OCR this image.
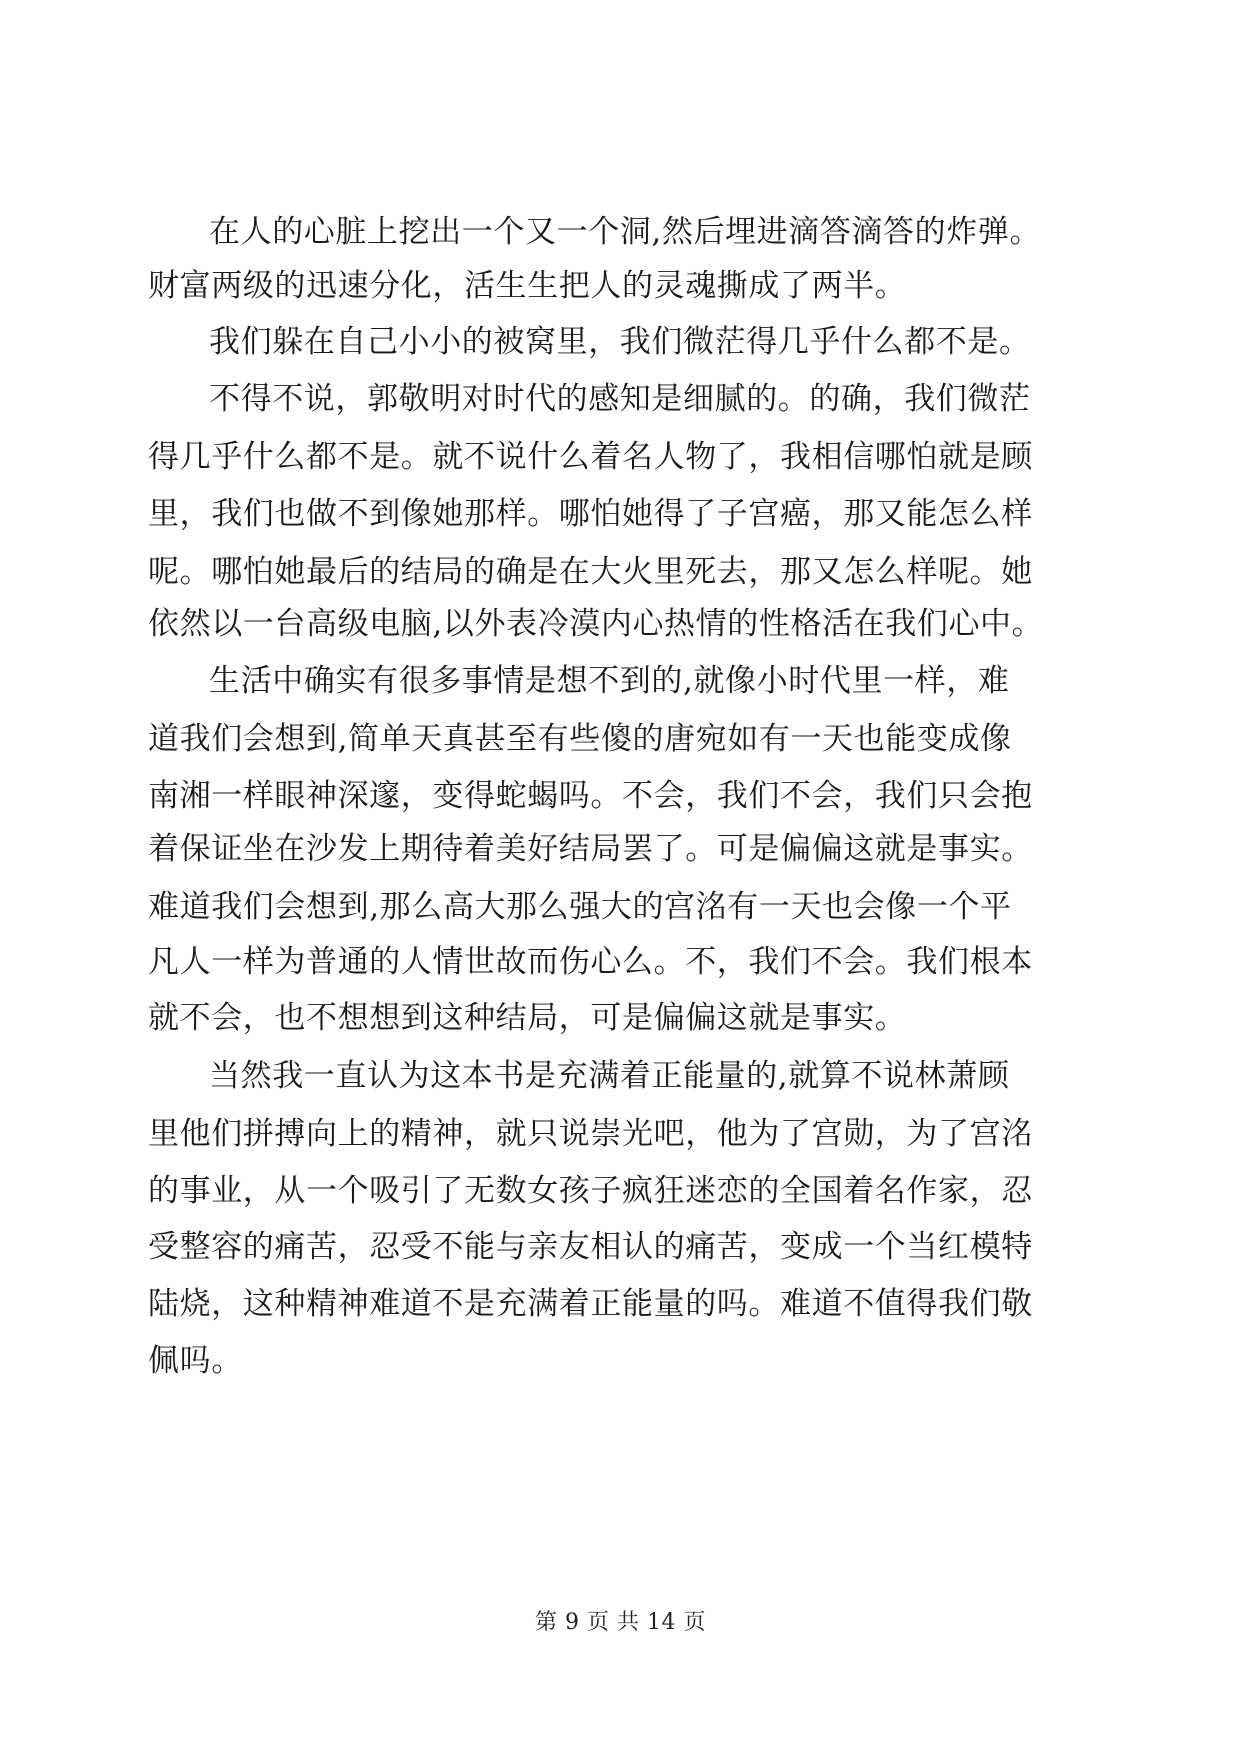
在人的心脏上挖出一个又一个洞,然后埋进滴答滴答的炸弹。
财富两级的迅速分化，活生生把人的灵魂撕成了两半。
我们躲在自己小小的被窝里，我们微茫得几乎什么都不是。
不得不说，郭敬明对时代的感知是细腻的。的确，我们微茫
得几乎什么都不是。就不说什么着名人物了，我相信哪怕就是顾
里，我们也做不到像她那样。哪怕她得了子宫癌，那又能怎么样
呢。哪怕她最后的结局的确是在大火里死去，那又怎么样呢。她
依然以一台高级电脑,以外表冷漠内心热情的性格活在我们心中。
生活中确实有很多事情是想不到的,就像小时代里一样，难
道我们会想到,简单天真甚至有些傻的唐宛如有一天也能变成像
南湘一样眼神深邃，变得蛇蝎吗。不会，我们不会，我们只会抱
着保证坐在沙发上期待着美好结局罢了。可是偏偏这就是事实。
难道我们会想到,那么高大那么强大的宫洺有一天也会像一个平
凡人一样为普通的人情世故而伤心么。不，我们不会。我们根本
就不会，也不想想到这种结局，可是偏偏这就是事实。
当然我一直认为这本书是充满着正能量的,就算不说林萧顾
里他们拼搏向上的精神，就只说崇光吧，他为了宫勋，为了宫洺
的事业，从一个吸引了无数女孩子疯狂迷恋的全国着名作家，忍
受整容的痛苦，忍受不能与亲友相认的痛苦，变成一个当红模特
陆烧，这种精神难道不是充满着正能量的吗。难道不值得我们敬
佩吗。
第 9 页 共 14 页
